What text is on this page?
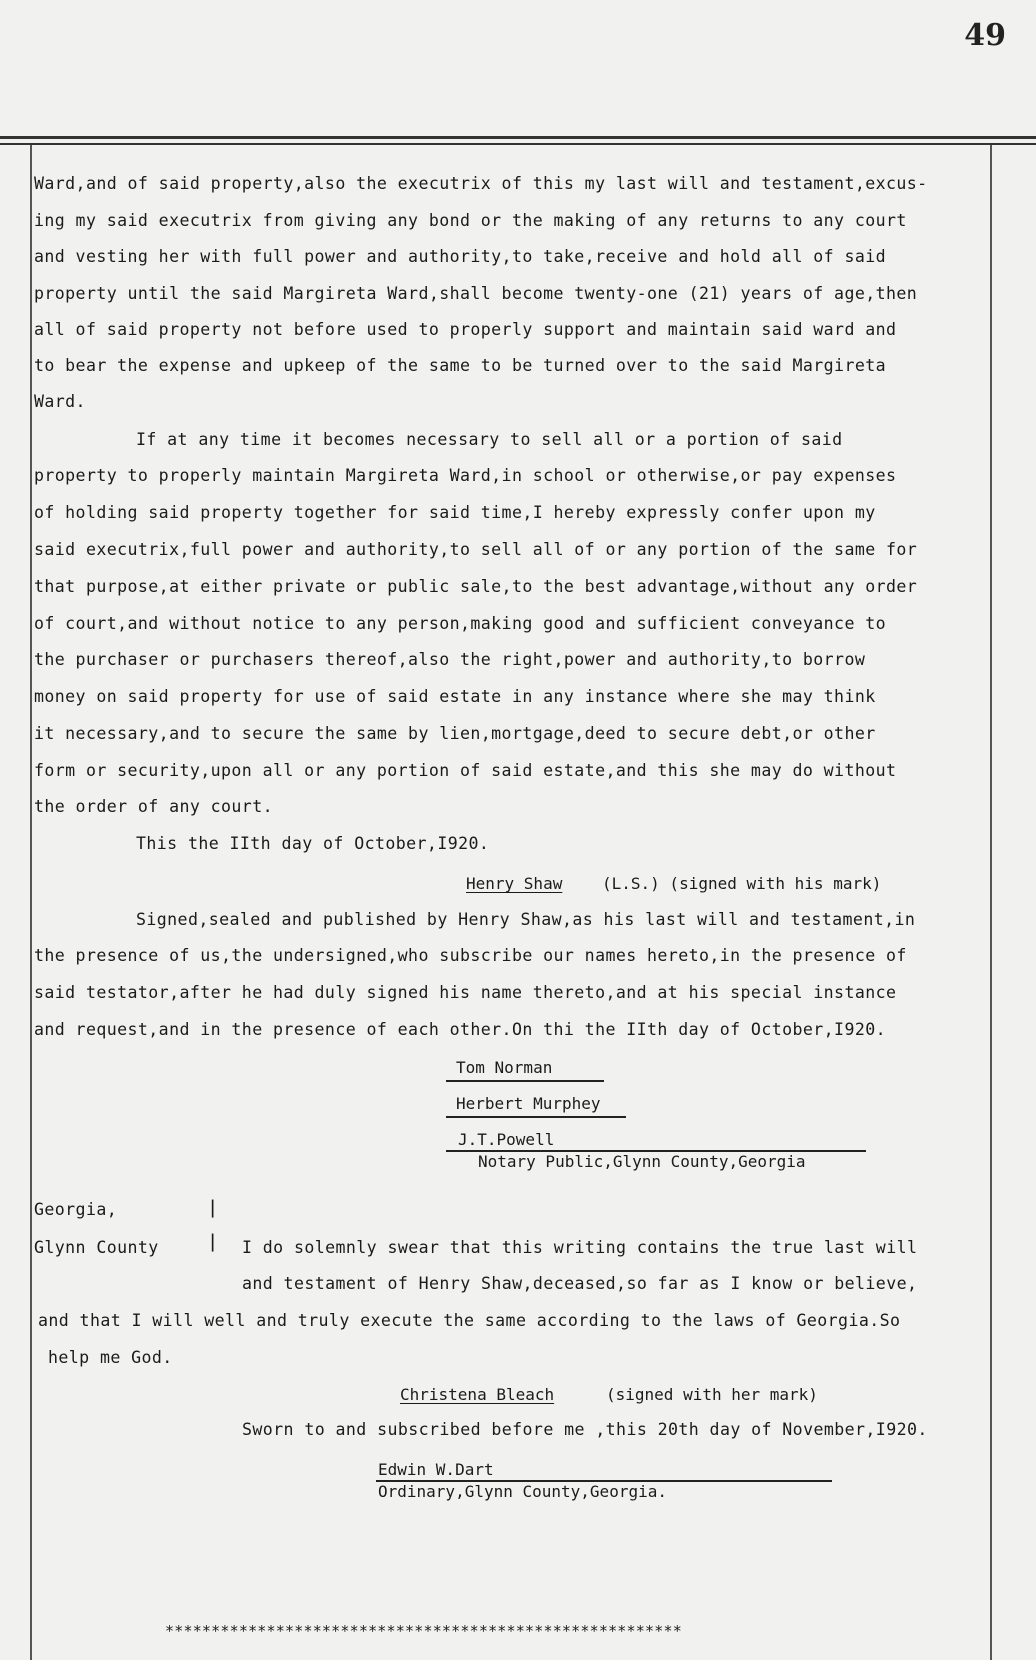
49
Ward,and of said property,also the executrix of this my last will and testament,excus-
ing my said executrix from giving any bond or the making of any returns to any court
and vesting her with full power and authority,to take,receive and hold all of said
property until the said Margireta Ward,shall become twenty-one (21) years of age,then
all of said property not before used to properly support and maintain said ward and
to bear the expense and upkeep of the same to be turned over to the said Margireta
Ward.
If at any time it becomes necessary to sell all or a portion of said
property to properly maintain Margireta Ward,in school or otherwise,or pay expenses
of holding said property together for said time,I hereby expressly confer upon my
said executrix,full power and authority,to sell all of or any portion of the same for
that purpose,at either private or public sale,to the best advantage,without any order
of court,and without notice to any person,making good and sufficient conveyance to
the purchaser or purchasers thereof,also the right,power and authority,to borrow
money on said property for use of said estate in any instance where she may think
it necessary,and to secure the same by lien,mortgage,deed to secure debt,or other
form or security,upon all or any portion of said estate,and this she may do without
the order of any court.
This the IIth day of October,I920.
Henry Shaw (L.S.) (signed with his mark)
Signed,sealed and published by Henry Shaw,as his last will and testament,in
the presence of us,the undersigned,who subscribe our names hereto,in the presence of
said testator,after he had duly signed his name thereto,and at his special instance
and request,and in the presence of each other.On thi the IIth day of October,I920.
Tom Norman
Herbert Murphey
J.T.Powell
Notary Public,Glynn County,Georgia
Georgia,
Glynn County
❘
❘ I do solemnly swear that this writing contains the true last will
and testament of Henry Shaw,deceased,so far as I know or believe,
and that I will well and truly execute the same according to the laws of Georgia.So
help me God.
Christena Bleach	(signed with her mark)
Sworn to and subscribed before me ,this 20th day of November,I920.
Edwin W.Dart
Ordinary,Glynn County,Georgia.
********************************************************
